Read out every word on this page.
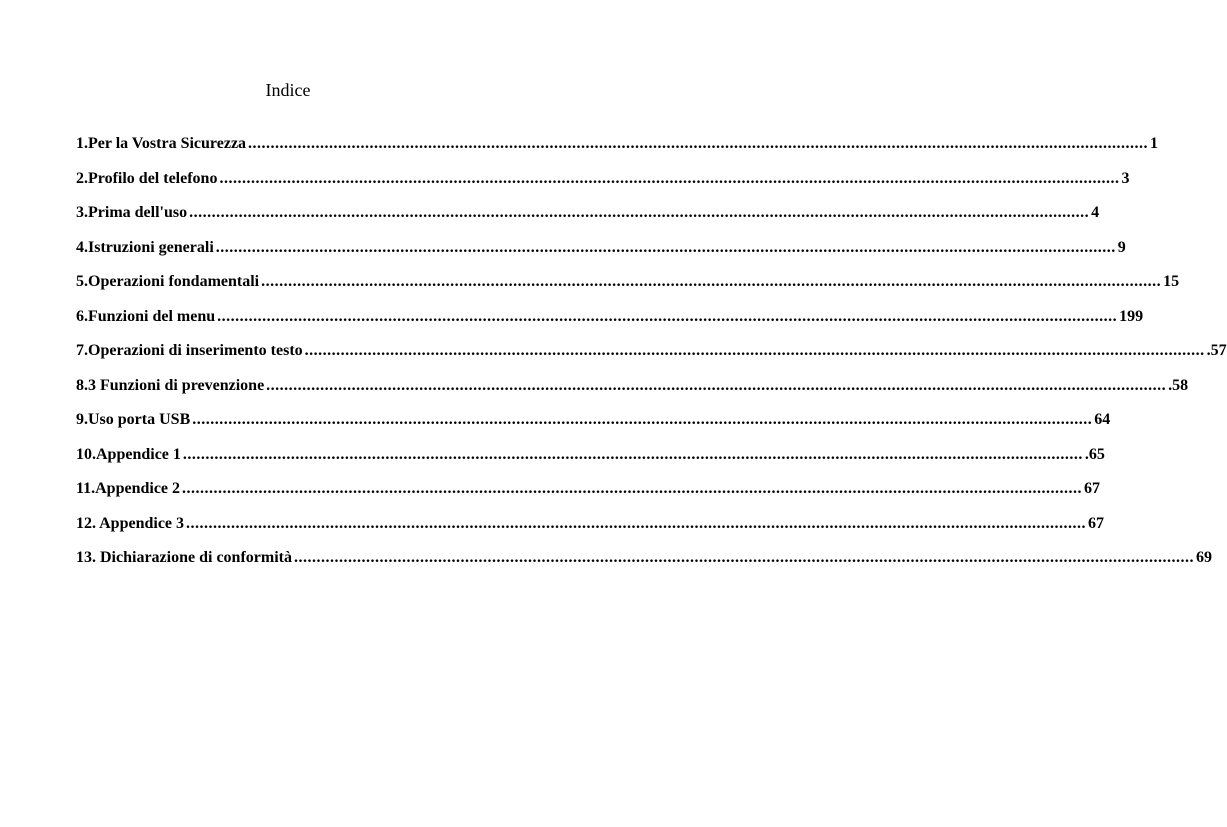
Indice
1.Per la Vostra Sicurezza ........................................................................................................................................................................................................ 1
2.Profilo del telefono ........................................................................................................................................................................................................ 3
3.Prima dell'uso ........................................................................................................................................................................................................ 4
4.Istruzioni generali ........................................................................................................................................................................................................ 9
5.Operazioni fondamentali ........................................................................................................................................................................................................ 15
6.Funzioni del menu ........................................................................................................................................................................................................ 199
7.Operazioni di inserimento testo ........................................................................................................................................................................................................ .57
8.3 Funzioni di prevenzione ........................................................................................................................................................................................................ .58
9.Uso porta USB ........................................................................................................................................................................................................ 64
10.Appendice 1 ........................................................................................................................................................................................................ .65
11.Appendice 2 ........................................................................................................................................................................................................ 67
12. Appendice 3 ........................................................................................................................................................................................................ 67
13. Dichiarazione di conformità ........................................................................................................................................................................................................ 69
